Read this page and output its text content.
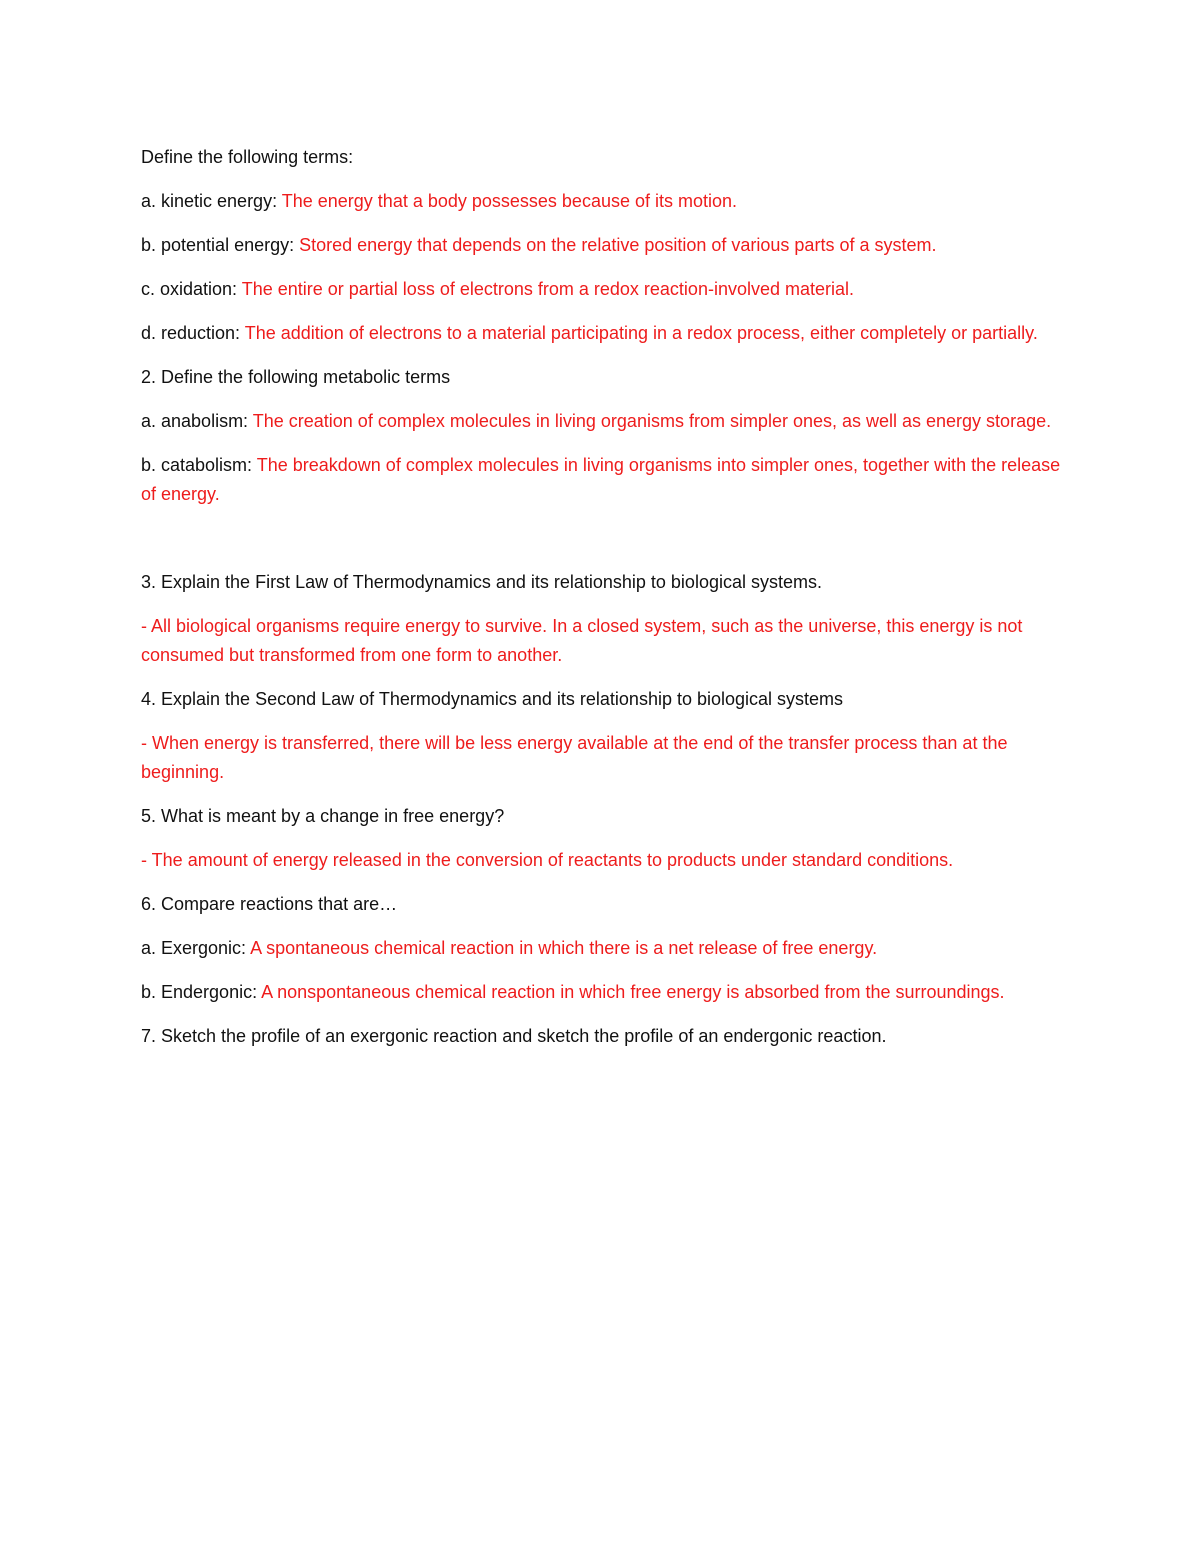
Define the following terms:

a. kinetic energy: The energy that a body possesses because of its motion.

b. potential energy: Stored energy that depends on the relative position of various parts of a system.

c. oxidation: The entire or partial loss of electrons from a redox reaction-involved material.

d. reduction: The addition of electrons to a material participating in a redox process, either completely or partially.

2. Define the following metabolic terms

a. anabolism: The creation of complex molecules in living organisms from simpler ones, as well as energy storage.

b. catabolism: The breakdown of complex molecules in living organisms into simpler ones, together with the release of energy.

3. Explain the First Law of Thermodynamics and its relationship to biological systems.

- All biological organisms require energy to survive. In a closed system, such as the universe, this energy is not consumed but transformed from one form to another.

4. Explain the Second Law of Thermodynamics and its relationship to biological systems

- When energy is transferred, there will be less energy available at the end of the transfer process than at the beginning.

5. What is meant by a change in free energy?

- The amount of energy released in the conversion of reactants to products under standard conditions.

6. Compare reactions that are…

a. Exergonic: A spontaneous chemical reaction in which there is a net release of free energy.

b. Endergonic: A nonspontaneous chemical reaction in which free energy is absorbed from the surroundings.

7. Sketch the profile of an exergonic reaction and sketch the profile of an endergonic reaction.
